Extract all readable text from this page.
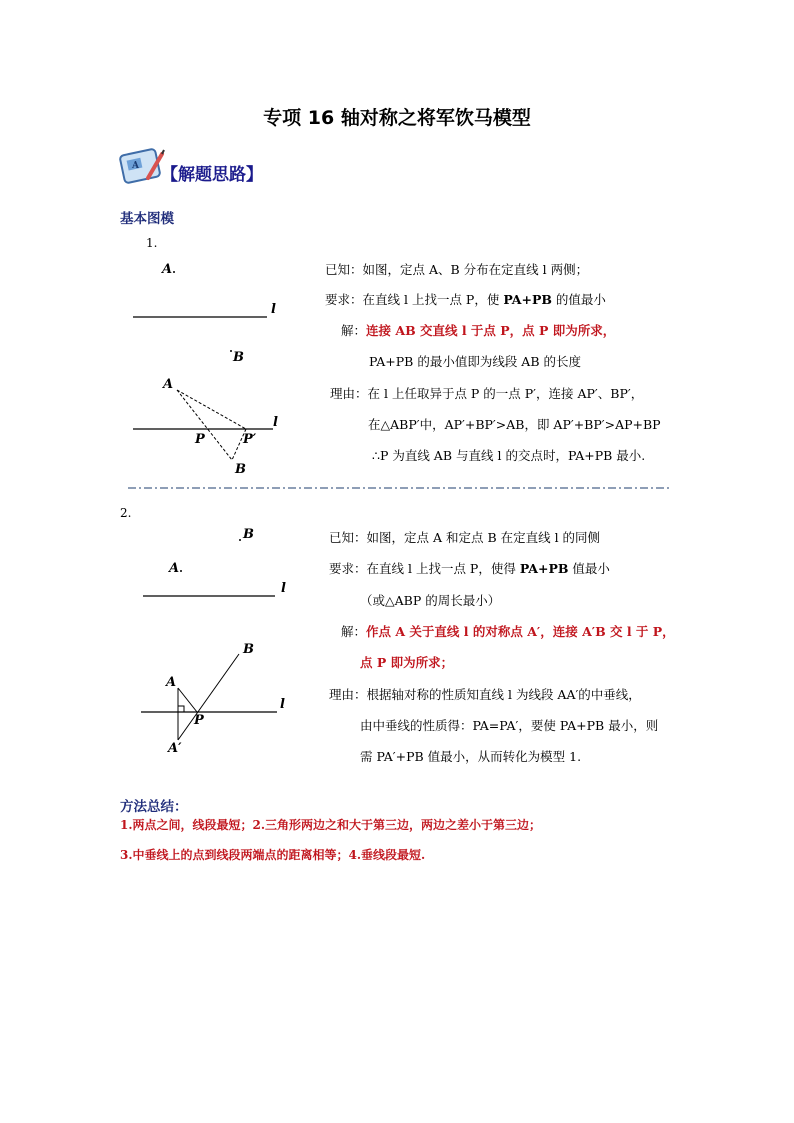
专项 16 轴对称之将军饮马模型
A 【解题思路】
基本图模
1.
A
l
B
A
l
P	P′
B
已知：如图，定点 A、B 分布在定直线 l 两侧；
要求：在直线 l 上找一点 P，使 PA+PB 的值最小
解：连接 AB 交直线 l 于点 P，点 P 即为所求，
PA+PB 的最小值即为线段 AB 的长度
理由：在 l 上任取异于点 P 的一点 P′，连接 AP′、BP′，
在△ABP′中，AP′+BP′>AB，即 AP′+BP′>AP+BP
∴P 为直线 AB 与直线 l 的交点时，PA+PB 最小.
2.
B
A
l
B
l
A
P
A′
已知：如图，定点 A 和定点 B 在定直线 l 的同侧
要求：在直线 l 上找一点 P，使得 PA+PB 值最小
（或△ABP 的周长最小）
解：作点 A 关于直线 l 的对称点 A′，连接 A′B 交 l 于 P，
点 P 即为所求；
理由：根据轴对称的性质知直线 l 为线段 AA′的中垂线，
由中垂线的性质得：PA=PA′，要使 PA+PB 最小，则
需 PA′+PB 值最小，从而转化为模型 1.
方法总结：
1.两点之间，线段最短；2.三角形两边之和大于第三边，两边之差小于第三边；
3.中垂线上的点到线段两端点的距离相等；4.垂线段最短.
